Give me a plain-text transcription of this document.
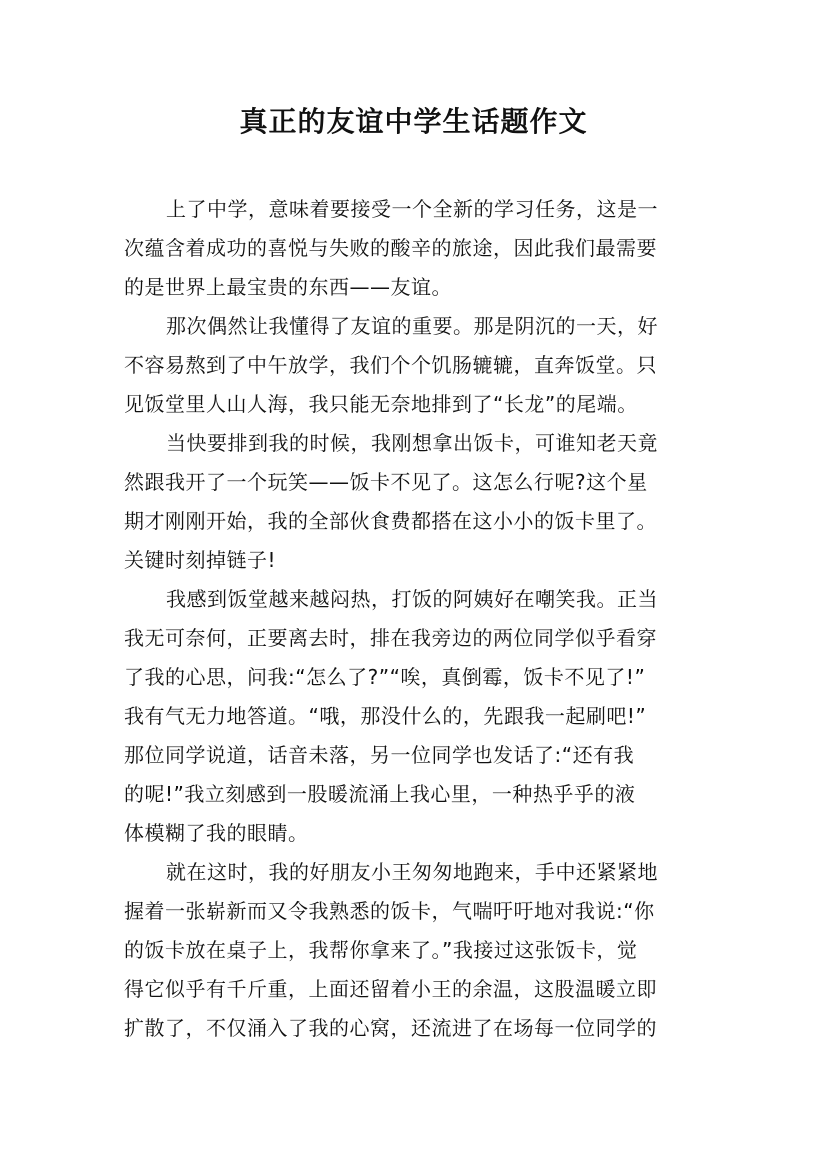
真正的友谊中学生话题作文
上了中学，意味着要接受一个全新的学习任务，这是一
次蕴含着成功的喜悦与失败的酸辛的旅途，因此我们最需要
的是世界上最宝贵的东西——友谊。
那次偶然让我懂得了友谊的重要。那是阴沉的一天，好
不容易熬到了中午放学，我们个个饥肠辘辘，直奔饭堂。只
见饭堂里人山人海，我只能无奈地排到了“长龙”的尾端。
当快要排到我的时候，我刚想拿出饭卡，可谁知老天竟
然跟我开了一个玩笑——饭卡不见了。这怎么行呢?这个星
期才刚刚开始，我的全部伙食费都搭在这小小的饭卡里了。
关键时刻掉链子!
我感到饭堂越来越闷热，打饭的阿姨好在嘲笑我。正当
我无可奈何，正要离去时，排在我旁边的两位同学似乎看穿
了我的心思，问我:“怎么了?”“唉，真倒霉，饭卡不见了!”
我有气无力地答道。“哦，那没什么的，先跟我一起刷吧!”
那位同学说道，话音未落，另一位同学也发话了:“还有我
的呢!”我立刻感到一股暖流涌上我心里，一种热乎乎的液
体模糊了我的眼睛。
就在这时，我的好朋友小王匆匆地跑来，手中还紧紧地
握着一张崭新而又令我熟悉的饭卡，气喘吁吁地对我说:“你
的饭卡放在桌子上，我帮你拿来了。”我接过这张饭卡，觉
得它似乎有千斤重，上面还留着小王的余温，这股温暖立即
扩散了，不仅涌入了我的心窝，还流进了在场每一位同学的
